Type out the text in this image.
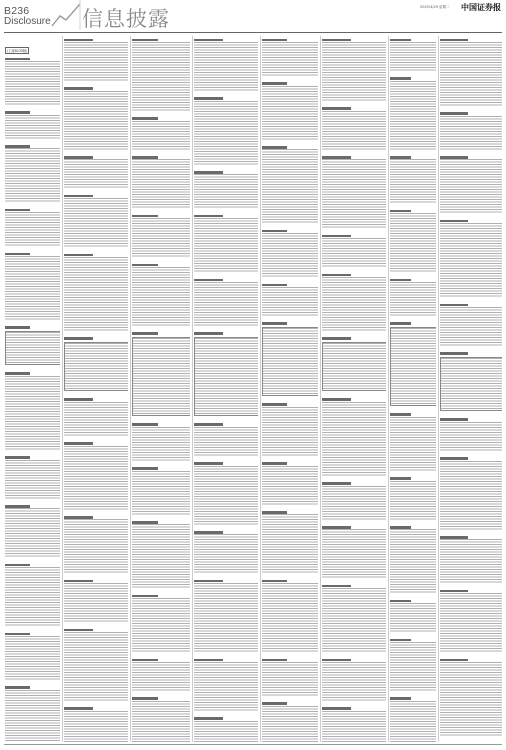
B236
Disclosure 信息披露	2025/4/29 星期二 中国证券报
(上接B235版)
